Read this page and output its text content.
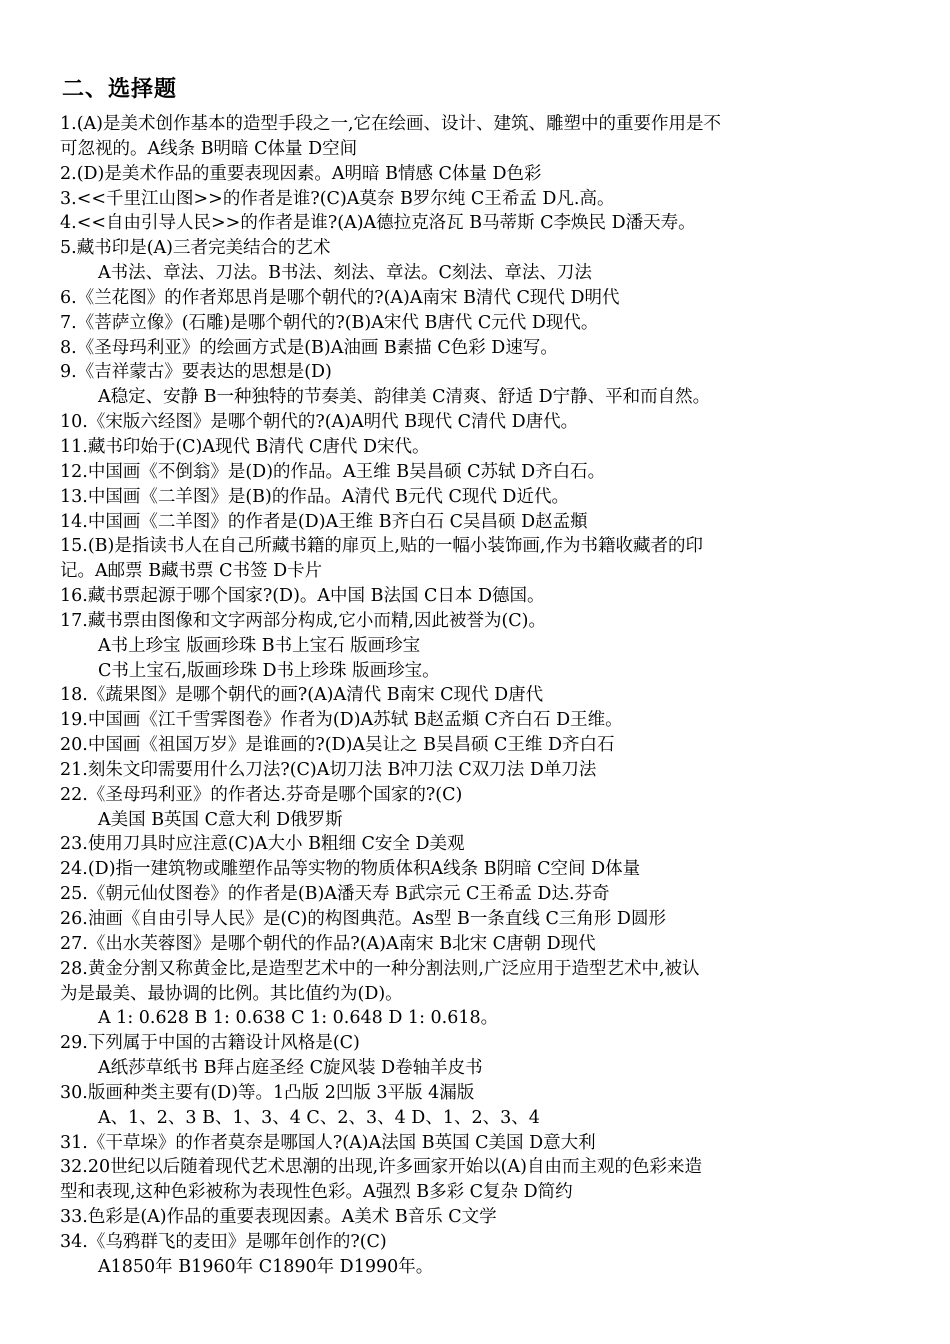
二、选择题
1.(A)是美术创作基本的造型手段之一,它在绘画、设计、建筑、雕塑中的重要作用是不
可忽视的。A线条 B明暗 C体量 D空间
2.(D)是美术作品的重要表现因素。A明暗 B情感 C体量 D色彩
3.<<千里江山图>>的作者是谁?(C)A莫奈 B罗尔纯 C王希孟 D凡.高。
4.<<自由引导人民>>的作者是谁?(A)A德拉克洛瓦 B马蒂斯 C李焕民 D潘天寿。
5.藏书印是(A)三者完美结合的艺术
A书法、章法、刀法。B书法、刻法、章法。C刻法、章法、刀法
6.《兰花图》的作者郑思肖是哪个朝代的?(A)A南宋 B清代 C现代 D明代
7.《菩萨立像》(石雕)是哪个朝代的?(B)A宋代 B唐代 C元代 D现代。
8.《圣母玛利亚》的绘画方式是(B)A油画 B素描 C色彩 D速写。
9.《吉祥蒙古》要表达的思想是(D)
A稳定、安静 B一种独特的节奏美、韵律美 C清爽、舒适 D宁静、平和而自然。
10.《宋版六经图》是哪个朝代的?(A)A明代 B现代 C清代 D唐代。
11.藏书印始于(C)A现代 B清代 C唐代 D宋代。
12.中国画《不倒翁》是(D)的作品。A王维 B吴昌硕 C苏轼 D齐白石。
13.中国画《二羊图》是(B)的作品。A清代 B元代 C现代 D近代。
14.中国画《二羊图》的作者是(D)A王维 B齐白石 C吴昌硕 D赵孟頫
15.(B)是指读书人在自己所藏书籍的扉页上,贴的一幅小装饰画,作为书籍收藏者的印
记。A邮票 B藏书票 C书签 D卡片
16.藏书票起源于哪个国家?(D)。A中国 B法国 C日本 D德国。
17.藏书票由图像和文字两部分构成,它小而精,因此被誉为(C)。
A书上珍宝 版画珍珠 B书上宝石 版画珍宝
C书上宝石,版画珍珠 D书上珍珠 版画珍宝。
18.《蔬果图》是哪个朝代的画?(A)A清代 B南宋 C现代 D唐代
19.中国画《江千雪霁图卷》作者为(D)A苏轼 B赵孟頫 C齐白石 D王维。
20.中国画《祖国万岁》是谁画的?(D)A吴让之 B吴昌硕 C王维 D齐白石
21.刻朱文印需要用什么刀法?(C)A切刀法 B冲刀法 C双刀法 D单刀法
22.《圣母玛利亚》的作者达.芬奇是哪个国家的?(C)
A美国 B英国 C意大利 D俄罗斯
23.使用刀具时应注意(C)A大小 B粗细 C安全 D美观
24.(D)指一建筑物或雕塑作品等实物的物质体积A线条 B阴暗 C空间 D体量
25.《朝元仙仗图卷》的作者是(B)A潘天寿 B武宗元 C王希孟 D达.芬奇
26.油画《自由引导人民》是(C)的构图典范。As型 B一条直线 C三角形 D圆形
27.《出水芙蓉图》是哪个朝代的作品?(A)A南宋 B北宋 C唐朝 D现代
28.黄金分割又称黄金比,是造型艺术中的一种分割法则,广泛应用于造型艺术中,被认
为是最美、最协调的比例。其比值约为(D)。
A 1: 0.628 B 1: 0.638 C 1: 0.648 D 1: 0.618。
29.下列属于中国的古籍设计风格是(C)
A纸莎草纸书 B拜占庭圣经 C旋风装 D卷轴羊皮书
30.版画种类主要有(D)等。1凸版 2凹版 3平版 4漏版
A、1、2、3 B、1、3、4 C、2、3、4 D、1、2、3、4
31.《干草垛》的作者莫奈是哪国人?(A)A法国 B英国 C美国 D意大利
32.20世纪以后随着现代艺术思潮的出现,许多画家开始以(A)自由而主观的色彩来造
型和表现,这种色彩被称为表现性色彩。A强烈 B多彩 C复杂 D简约
33.色彩是(A)作品的重要表现因素。A美术 B音乐 C文学
34.《乌鸦群飞的麦田》是哪年创作的?(C)
A1850年 B1960年 C1890年 D1990年。
